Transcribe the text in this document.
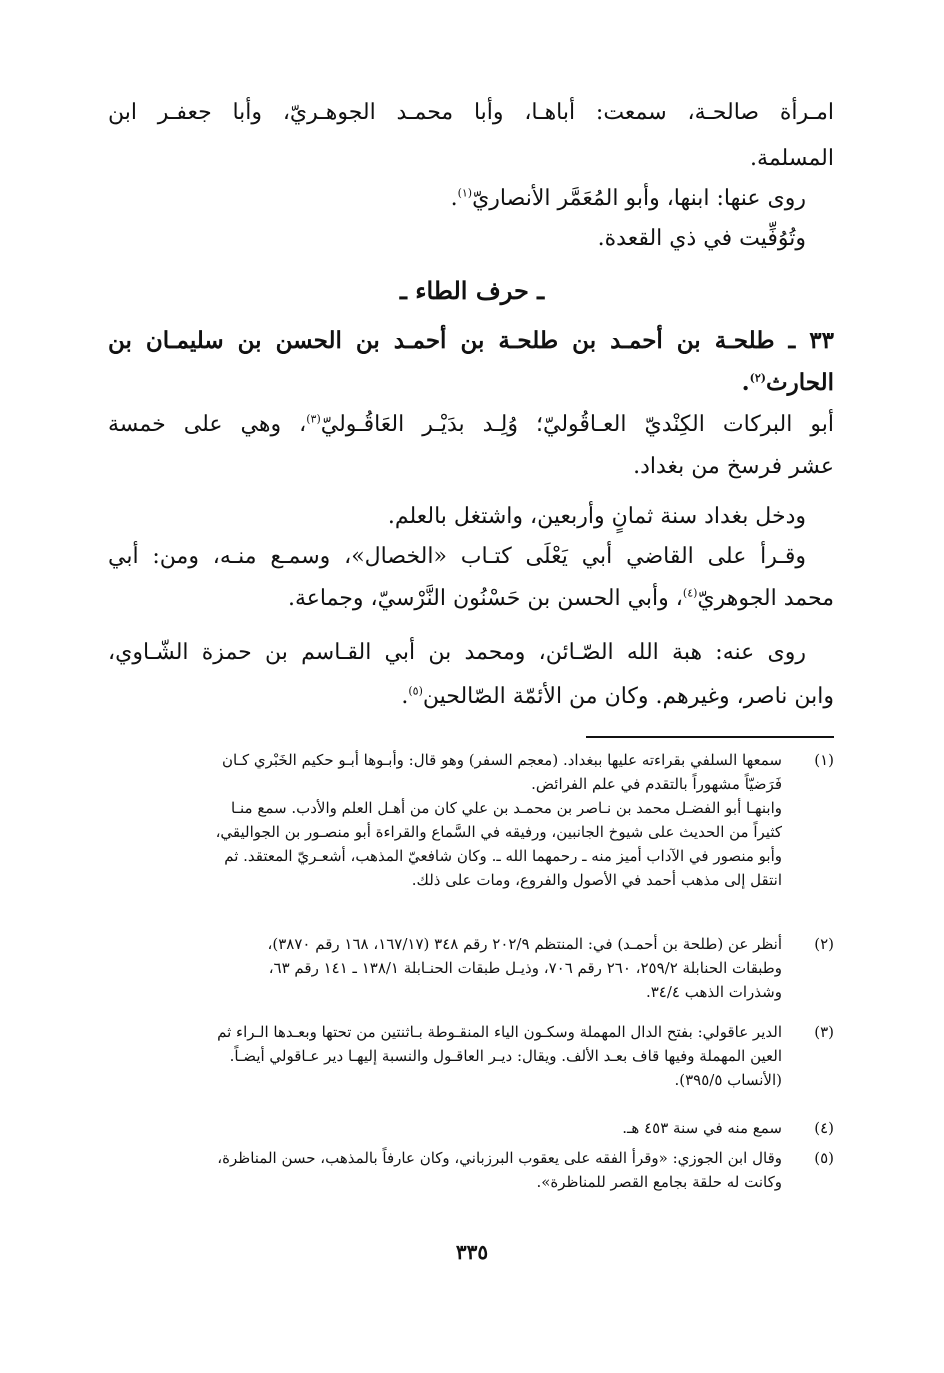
امـرأة صالحـة، سمعت: أباهـا، وأبا محمـد الجوهـريّ، وأبا جعفـر ابن
المسلمة.
روى عنها: ابنها، وأبو المُعَمَّر الأنصاريّ$^{(١)}$.
وتُوُفِّيت في ذي القعدة.
ـ حرف الطاء ـ
٣٣ ـ طلحـة بن أحمـد بن طلحـة بن أحمـد بن الحسن بن سليمـان بن
الحارث$^{(٢)}$.
أبو البركات الكِنْديّ العـاقُوليّ؛ وُلِـد بدَيْـر العَاقُـوليّ$^{(٣)}$، وهي على خمسة
عشر فرسخ من بغداد.
ودخل بغداد سنة ثمانٍ وأربعين، واشتغل بالعلم.
وقـرأ على القاضي أبي يَعْلَى كتـاب «الخصال»، وسمـع منـه، ومن: أبي
محمد الجوهريّ$^{(٤)}$، وأبي الحسن بن حَسْنُون النَّرْسيّ، وجماعة.
روى عنه: هبة الله الصّـائن، ومحمد بن أبي القـاسم بن حمزة الشّـاوي،
وابن ناصر، وغيرهم. وكان من الأئمّة الصّالحين$^{(٥)}$.
(١)
سمعها السلفي بقراءته عليها ببغداد. (معجم السفر) وهو قال: وأبـوها أبـو حكيم الخَبْري كـان
فَرَضيّاً مشهوراً بالتقدم في علم الفرائض.
وابنهـا أبو الفضـل محمد بن نـاصر بن محمـد بن علي كان من أهـل العلم والأدب. سمع منـا
كثيراً من الحديث على شيوخ الجانبين، ورفيقه في السَّماع والقراءة أبو منصـور بن الجواليقي،
وأبو منصور في الآداب أميز منه ـ رحمهما الله ـ. وكان شافعيّ المذهب، أشعـريّ المعتقد. ثم
انتقل إلى مذهب أحمد في الأصول والفروع، ومات على ذلك.
(٢)
أنظر عن (طلحة بن أحمـد) في: المنتظم ٢٠٢/٩ رقم ٣٤٨ (١٦٧/١٧، ١٦٨ رقم ٣٨٧٠)،
وطبقات الحنابلة ٢٥٩/٢، ٢٦٠ رقم ٧٠٦، وذيـل طبقات الحنـابلة ١٣٨/١ ـ ١٤١ رقم ٦٣،
وشذرات الذهب ٣٤/٤.
(٣)
الدير عاقولي: بفتح الدال المهملة وسكـون الياء المنقـوطة بـاثنتين من تحتها وبعـدها الـراء ثم
العين المهملة وفيها قاف بعـد الألف. ويقال: ديـر العاقـول والنسبة إليهـا دير عـاقولي أيضـاً.
(الأنساب ٣٩٥/٥).
(٤)
سمع منه في سنة ٤٥٣ هـ.
(٥)
وقال ابن الجوزي: «وقرأ الفقه على يعقوب البرزباني، وكان عارفاً بالمذهب، حسن المناظرة،
وكانت له حلقة بجامع القصر للمناظرة».
٣٣٥
